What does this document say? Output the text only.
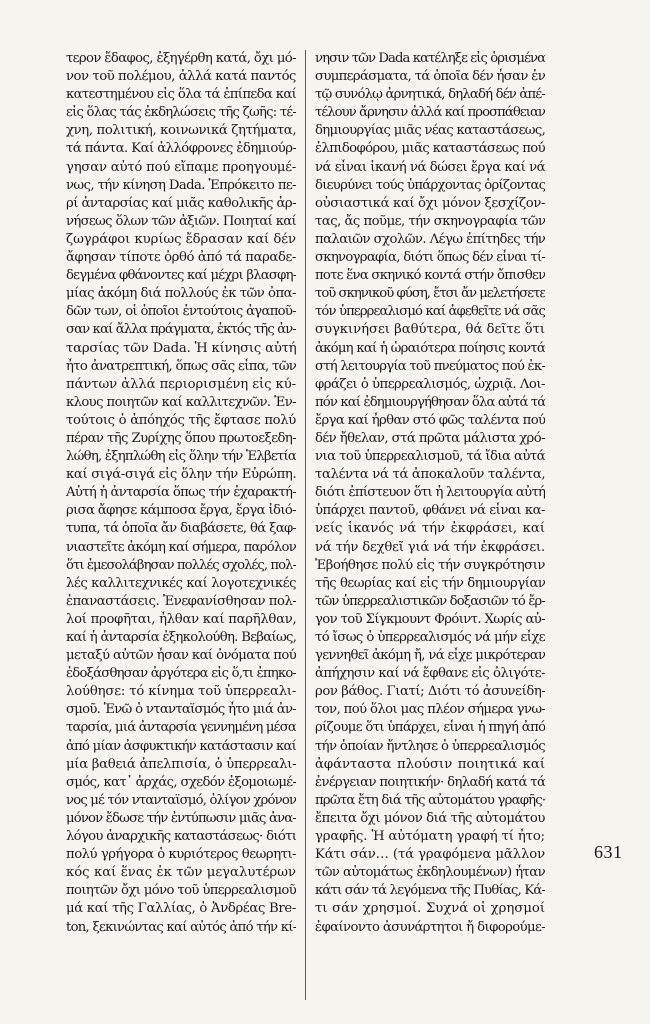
τερον ἔδαφος, ἐξηγέρθη κατά, ὄχι μό-
νον τοῦ πολέμου, ἀλλά κατά παντός
κατεστημένου εἰς ὅλα τά ἐπίπεδα καί
εἰς ὅλας τάς ἐκδηλώσεις τῆς ζωῆς: τέ-
χνη, πολιτική, κοινωνικά ζητήματα,
τά πάντα. Καί ἀλλόφρονες ἐδημιούρ-
γησαν αὐτό πού εἴπαμε προηγουμέ-
νως, τήν κίνηση Dada. Ἐπρόκειτο πε-
ρί ἀνταρσίας καί μιᾶς καθολικῆς ἀρ-
νήσεως ὅλων τῶν ἀξιῶν. Ποιηταί καί
ζωγράφοι κυρίως ἔδρασαν καί δέν
ἄφησαν τίποτε ὀρθό ἀπό τά παραδε-
δεγμένα φθάνοντες καί μέχρι βλασφη-
μίας ἀκόμη διά πολλούς ἐκ τῶν ὀπα-
δῶν των, οἱ ὁποῖοι ἐντούτοις ἀγαποῦ-
σαν καί ἄλλα πράγματα, ἐκτός τῆς ἀν-
ταρσίας τῶν Dada. Ἡ κίνησις αὐτή
ἦτο ἀνατρεπτική, ὅπως σᾶς εἶπα, τῶν
πάντων ἀλλά περιορισμένη εἰς κύ-
κλους ποιητῶν καί καλλιτεχνῶν. Ἐν-
τούτοις ὁ ἀπόηχός τῆς ἔφτασε πολύ
πέραν τῆς Ζυρίχης ὅπου πρωτοεξεδη-
λώθη, ἐξηπλώθη εἰς ὅλην τήν Ἑλβετία
καί σιγά-σιγά εἰς ὅλην τήν Εὐρώπη.
Αὐτή ἡ ἀνταρσία ὅπως τήν ἐχαρακτή-
ρισα ἄφησε κάμποσα ἔργα, ἔργα ἰδιό-
τυπα, τά ὁποῖα ἄν διαβάσετε, θά ξαφ-
νιαστεῖτε ἀκόμη καί σήμερα, παρόλον
ὅτι ἐμεσολάβησαν πολλές σχολές, πολ-
λές καλλιτεχνικές καί λογοτεχνικές
ἐπαναστάσεις. Ἐνεφανίσθησαν πολ-
λοί προφῆται, ἦλθαν καί παρῆλθαν,
καί ἡ ἀνταρσία ἐξηκολούθη. Βεβαίως,
μεταξύ αὐτῶν ἦσαν καί ὀνόματα πού
ἐδοξάσθησαν ἀργότερα εἰς ὅ,τι ἐπηκο-
λούθησε: τό κίνημα τοῦ ὑπερρεαλι-
σμοῦ. Ἐνῶ ὁ ντανταϊσμός ἦτο μιά ἀν-
ταρσία, μιά ἀνταρσία γεννημένη μέσα
ἀπό μίαν ἀσφυκτικήν κατάστασιν καί
μία βαθειά ἀπελπισία, ὁ ὑπερρεαλι-
σμός, κατ᾽ ἀρχάς, σχεδόν ἐξομοιωμέ-
νος μέ τόν ντανταϊσμό, ὀλίγον χρόνον
μόνον ἔδωσε τήν ἐντύπωσιν μιᾶς ἀνα-
λόγου ἀναρχικῆς καταστάσεως· διότι
πολύ γρήγορα ὁ κυριότερος θεωρητι-
κός καί ἕνας ἐκ τῶν μεγαλυτέρων
ποιητῶν ὄχι μόνο τοῦ ὑπερρεαλισμοῦ
μά καί τῆς Γαλλίας, ὁ Ἀνδρέας Bre-
ton, ξεκινώντας καί αὐτός ἀπό τήν κί-
νησιν τῶν Dada κατέληξε εἰς ὁρισμένα
συμπεράσματα, τά ὁποῖα δέν ἦσαν ἐν
τῷ συνόλῳ ἀρνητικά, δηλαδή δέν ἀπέ-
τέλουν ἄρνησιν ἀλλά καί προσπάθειαν
δημιουργίας μιᾶς νέας καταστάσεως,
ἐλπιδοφόρου, μιᾶς καταστάσεως πού
νά εἶναι ἱκανή νά δώσει ἔργα καί νά
διευρύνει τούς ὑπάρχοντας ὁρίζοντας
οὐσιαστικά καί ὄχι μόνον ξεσχίζον-
τας, ἄς ποῦμε, τήν σκηνογραφία τῶν
παλαιῶν σχολῶν. Λέγω ἐπίτηδες τήν
σκηνογραφία, διότι ὅπως δέν εἶναι τί-
ποτε ἕνα σκηνικό κοντά στήν ὄπισθεν
τοῦ σκηνικοῦ φύση, ἔτσι ἄν μελετήσετε
τόν ὑπερρεαλισμό καί ἀφεθεῖτε νά σᾶς
συγκινήσει βαθύτερα, θά δεῖτε ὅτι
ἀκόμη καί ἡ ὡραιότερα ποίησις κοντά
στή λειτουργία τοῦ πνεύματος πού ἐκ-
φράζει ὁ ὑπερρεαλισμός, ὠχριᾷ. Λοι-
πόν καί ἐδημιουργήθησαν ὅλα αὐτά τά
ἔργα καί ἦρθαν στό φῶς ταλέντα πού
δέν ἤθελαν, στά πρῶτα μάλιστα χρό-
νια τοῦ ὑπερρεαλισμοῦ, τά ἴδια αὐτά
ταλέντα νά τά ἀποκαλοῦν ταλέντα,
διότι ἐπίστευον ὅτι ἡ λειτουργία αὐτή
ὑπάρχει παντοῦ, φθάνει νά εἶναι κα-
νείς ἱκανός νά τήν ἐκφράσει, καί
νά τήν δεχθεῖ γιά νά τήν ἐκφράσει.
Ἐβοήθησε πολύ εἰς τήν συγκρότησιν
τῆς θεωρίας καί εἰς τήν δημιουργίαν
τῶν ὑπερρεαλιστικῶν δοξασιῶν τό ἔρ-
γον τοῦ Σίγκμουντ Φρόιντ. Χωρίς αὐ-
τό ἴσως ὁ ὑπερρεαλισμός νά μήν εἶχε
γεννηθεῖ ἀκόμη ἤ, νά εἶχε μικρότεραν
ἀπήχησιν καί νά ἔφθανε εἰς ὀλιγότε-
ρον βάθος. Γιατί; Διότι τό ἀσυνείδη-
τον, πού ὅλοι μας πλέον σήμερα γνω-
ρίζουμε ὅτι ὑπάρχει, εἶναι ἡ πηγή ἀπό
τήν ὁποίαν ἤντλησε ὁ ὑπερρεαλισμός
ἀφάνταστα πλούσιν ποιητικά καί
ἐνέργειαν ποιητικήν· δηλαδή κατά τά
πρῶτα ἔτη διά τῆς αὐτομάτου γραφῆς·
ἔπειτα ὄχι μόνον διά τῆς αὐτομάτου
γραφῆς. Ἡ αὐτόματη γραφή τί ἦτο;
Κάτι σάν… (τά γραφόμενα μᾶλλον
τῶν αὐτομάτως ἐκδηλουμένων) ἦταν
κάτι σάν τά λεγόμενα τῆς Πυθίας, Κά-
τι σάν χρησμοί. Συχνά οἱ χρησμοί
ἐφαίνοντο ἀσυνάρτητοι ἤ διφορούμε-
631
